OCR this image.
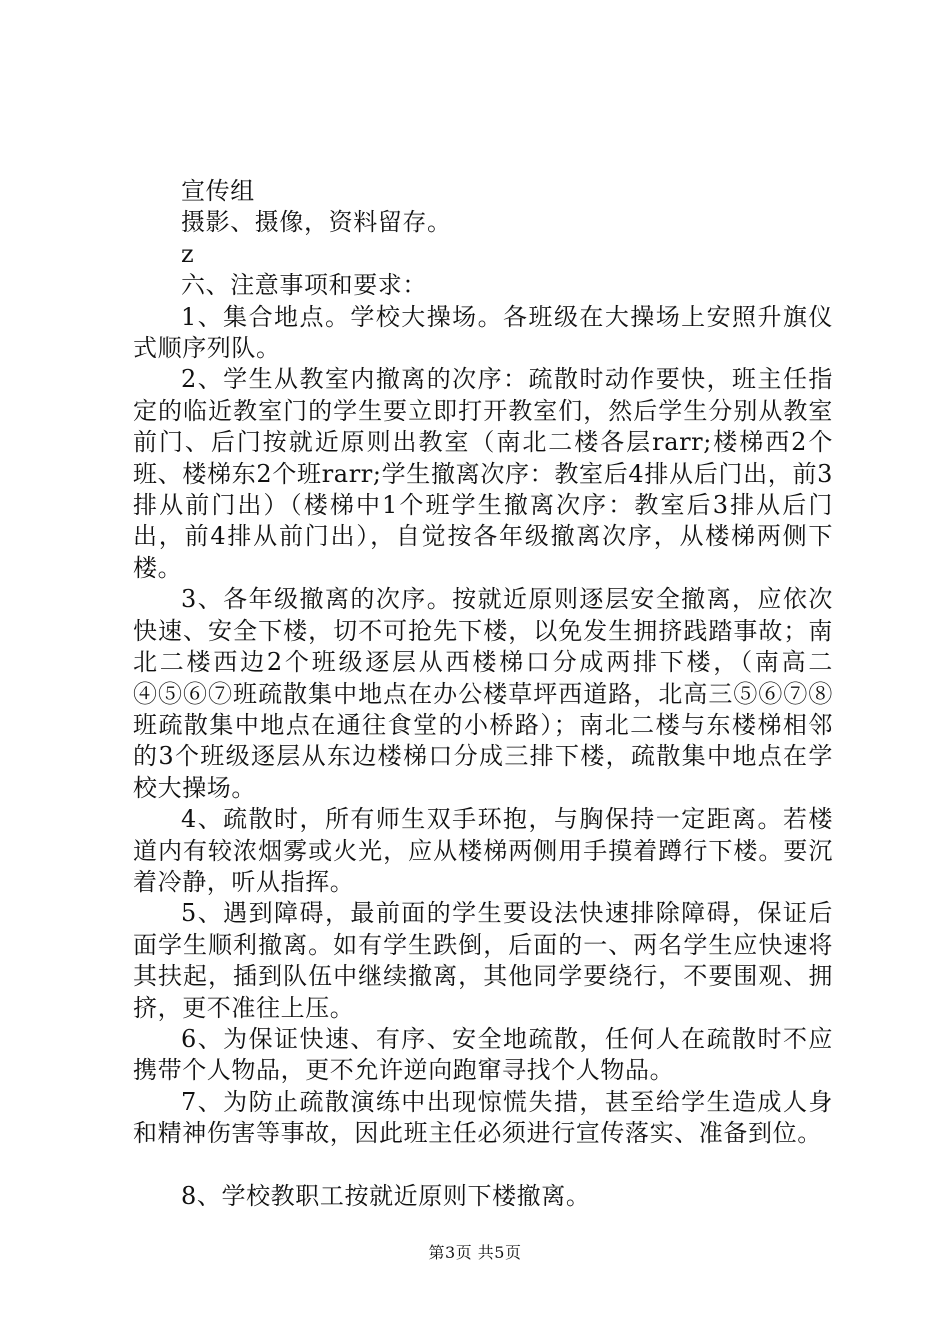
宣传组

摄影、摄像，资料留存。

z

六、注意事项和要求：

1、集合地点。学校大操场。各班级在大操场上安照升旗仪式顺序列队。

2、学生从教室内撤离的次序：疏散时动作要快，班主任指定的临近教室门的学生要立即打开教室们，然后学生分别从教室前门、后门按就近原则出教室（南北二楼各层rarr;楼梯西2个班、楼梯东2个班rarr;学生撤离次序：教室后4排从后门出，前3排从前门出）（楼梯中1个班学生撤离次序：教室后3排从后门出，前4排从前门出），自觉按各年级撤离次序，从楼梯两侧下楼。

3、各年级撤离的次序。按就近原则逐层安全撤离，应依次快速、安全下楼，切不可抢先下楼，以免发生拥挤践踏事故；南北二楼西边2个班级逐层从西楼梯口分成两排下楼，（南高二④⑤⑥⑦班疏散集中地点在办公楼草坪西道路，北高三⑤⑥⑦⑧班疏散集中地点在通往食堂的小桥路）；南北二楼与东楼梯相邻的3个班级逐层从东边楼梯口分成三排下楼，疏散集中地点在学校大操场。

4、疏散时，所有师生双手环抱，与胸保持一定距离。若楼道内有较浓烟雾或火光，应从楼梯两侧用手摸着蹲行下楼。要沉着冷静，听从指挥。

5、遇到障碍，最前面的学生要设法快速排除障碍，保证后面学生顺利撤离。如有学生跌倒，后面的一、两名学生应快速将其扶起，插到队伍中继续撤离，其他同学要绕行，不要围观、拥挤，更不准往上压。

6、为保证快速、有序、安全地疏散，任何人在疏散时不应携带个人物品，更不允许逆向跑窜寻找个人物品。

7、为防止疏散演练中出现惊慌失措，甚至给学生造成人身和精神伤害等事故，因此班主任必须进行宣传落实、准备到位。

8、学校教职工按就近原则下楼撤离。

第3页 共5页
